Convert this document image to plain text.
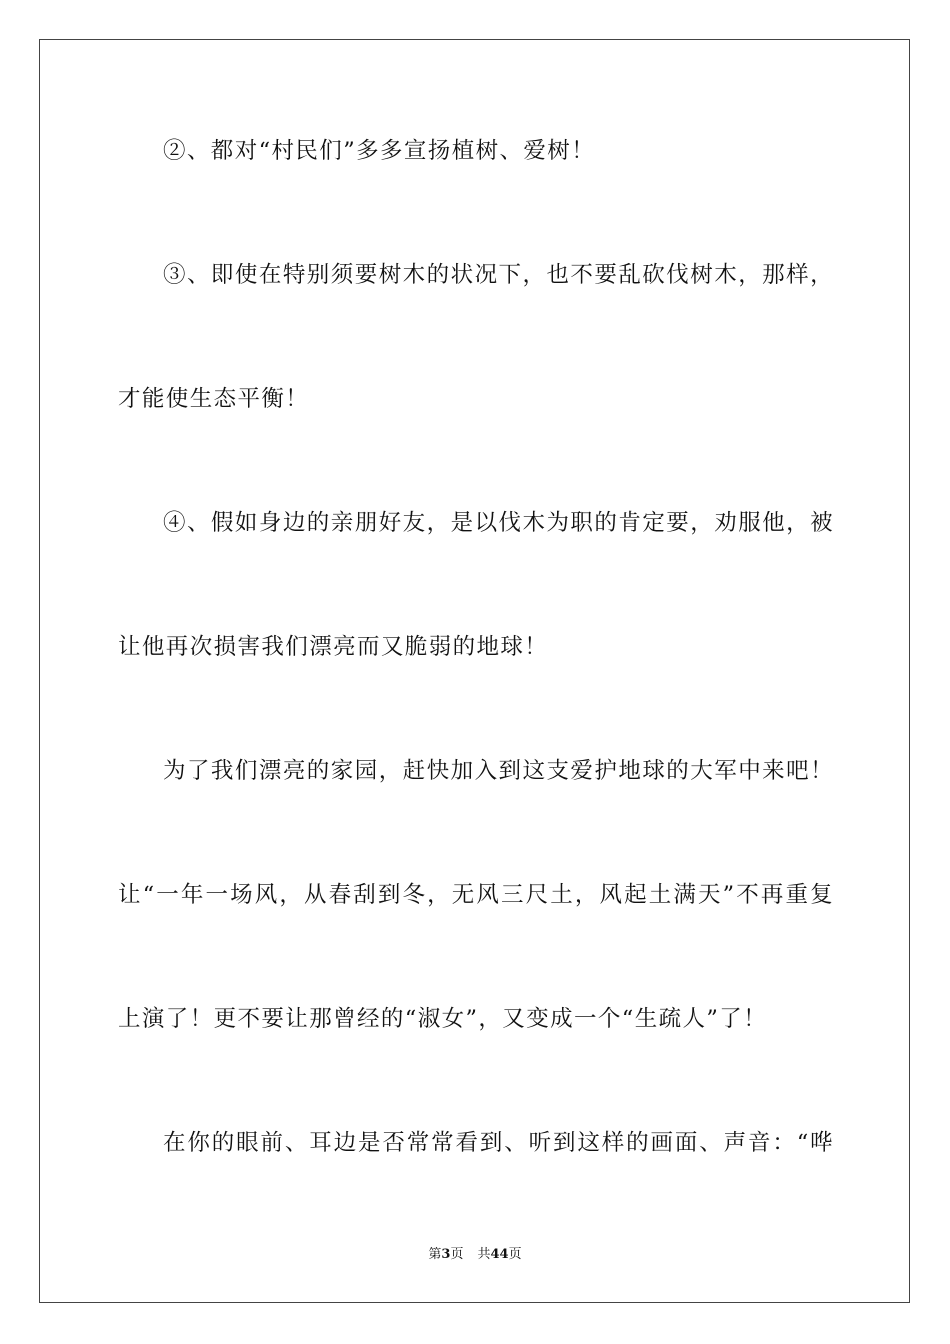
②、都对“村民们”多多宣扬植树、爱树！
③、即使在特别须要树木的状况下，也不要乱砍伐树木，那样，
才能使生态平衡！
④、假如身边的亲朋好友，是以伐木为职的肯定要，劝服他，被
让他再次损害我们漂亮而又脆弱的地球！
为了我们漂亮的家园，赶快加入到这支爱护地球的大军中来吧！
让“一年一场风，从春刮到冬，无风三尺土，风起土满天”不再重复
上演了！更不要让那曾经的“淑女”，又变成一个“生疏人”了！
在你的眼前、耳边是否常常看到、听到这样的画面、声音：“哗
第3页 共44页
